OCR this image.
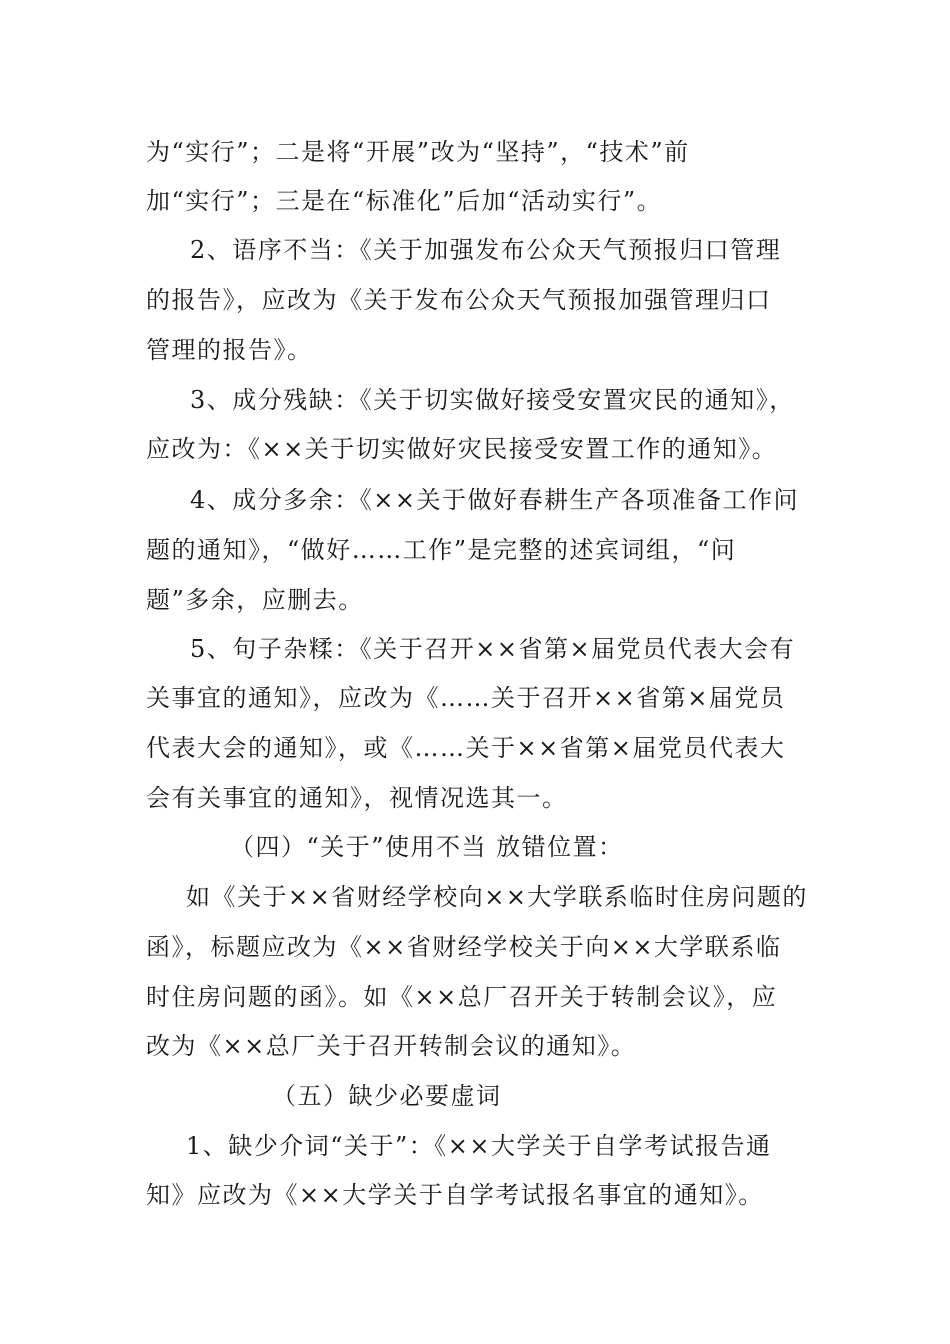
为“实行”；二是将“开展”改为“坚持”，“技术”前
加“实行”；三是在“标准化”后加“活动实行”。
2、语序不当：《关于加强发布公众天气预报归口管理
的报告》，应改为《关于发布公众天气预报加强管理归口
管理的报告》。
3、成分残缺：《关于切实做好接受安置灾民的通知》，
应改为：《××关于切实做好灾民接受安置工作的通知》。
4、成分多余：《××关于做好春耕生产各项准备工作问
题的通知》，“做好……工作”是完整的述宾词组，“问
题”多余，应删去。
5、句子杂糅：《关于召开××省第×届党员代表大会有
关事宜的通知》，应改为《……关于召开××省第×届党员
代表大会的通知》，或《……关于××省第×届党员代表大
会有关事宜的通知》，视情况选其一。
（四）“关于”使用不当 放错位置：
如《关于××省财经学校向××大学联系临时住房问题的
函》，标题应改为《××省财经学校关于向××大学联系临
时住房问题的函》。如《××总厂召开关于转制会议》，应
改为《××总厂关于召开转制会议的通知》。
（五）缺少必要虚词
1、缺少介词“关于”：《××大学关于自学考试报告通
知》应改为《××大学关于自学考试报名事宜的通知》。
